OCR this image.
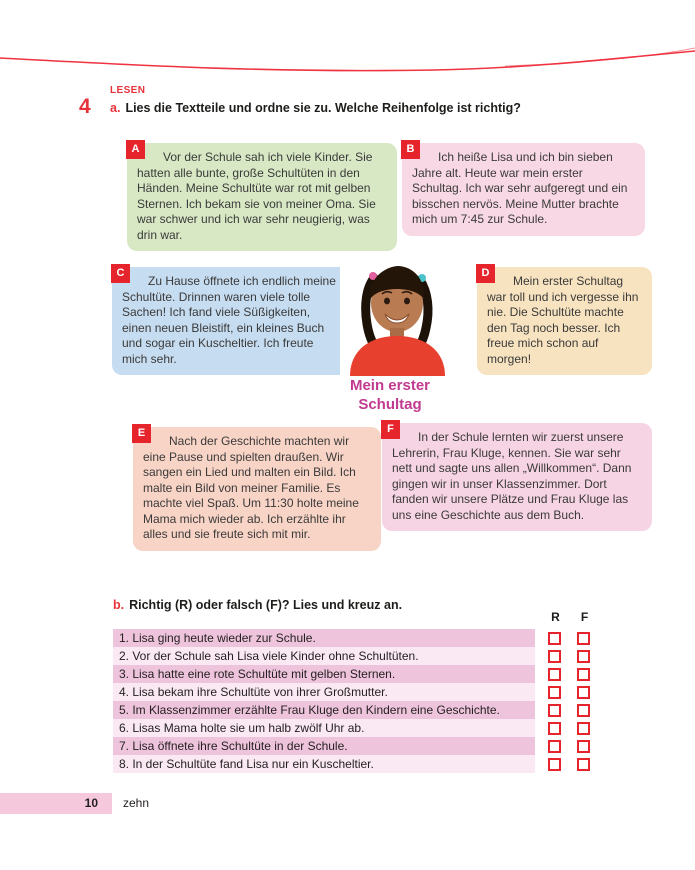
LESEN
4 a. Lies die Textteile und ordne sie zu. Welche Reihenfolge ist richtig?
A

Vor der Schule sah ich viele Kinder. Sie hatten alle bunte, große Schultüten in den Händen. Meine Schultüte war rot mit gelben Sternen. Ich bekam sie von meiner Oma. Sie war schwer und ich war sehr neugierig, was drin war.

B

Ich heiße Lisa und ich bin sieben Jahre alt. Heute war mein erster Schultag. Ich war sehr aufgeregt und ein bisschen nervös. Meine Mutter brachte mich um 7:45 zur Schule.

C

Zu Hause öffnete ich endlich meine Schultüte. Drinnen waren viele tolle Sachen! Ich fand viele Süßigkeiten, einen neuen Bleistift, ein kleines Buch und sogar ein Kuscheltier. Ich freute mich sehr.

Mein erster Schultag
D

Mein erster Schultag war toll und ich vergesse ihn nie. Die Schultüte machte den Tag noch besser. Ich freue mich schon auf morgen!

E

Nach der Geschichte machten wir eine Pause und spielten draußen. Wir sangen ein Lied und malten ein Bild. Ich malte ein Bild von meiner Familie. Es machte viel Spaß. Um 11:30 holte meine Mama mich wieder ab. Ich erzählte ihr alles und sie freute sich mit mir.

F

In der Schule lernten wir zuerst unsere Lehrerin, Frau Kluge, kennen. Sie war sehr nett und sagte uns allen „Willkommen“. Dann gingen wir in unser Klassenzimmer. Dort fanden wir unsere Plätze und Frau Kluge las uns eine Geschichte aus dem Buch.

b. Richtig (R) oder falsch (F)? Lies und kreuz an.
R F
1. Lisa ging heute wieder zur Schule.
2. Vor der Schule sah Lisa viele Kinder ohne Schultüten.
3. Lisa hatte eine rote Schultüte mit gelben Sternen.
4. Lisa bekam ihre Schultüte von ihrer Großmutter.
5. Im Klassenzimmer erzählte Frau Kluge den Kindern eine Geschichte.
6. Lisas Mama holte sie um halb zwölf Uhr ab.
7. Lisa öffnete ihre Schultüte in der Schule.
8. In der Schultüte fand Lisa nur ein Kuscheltier.
10 zehn
